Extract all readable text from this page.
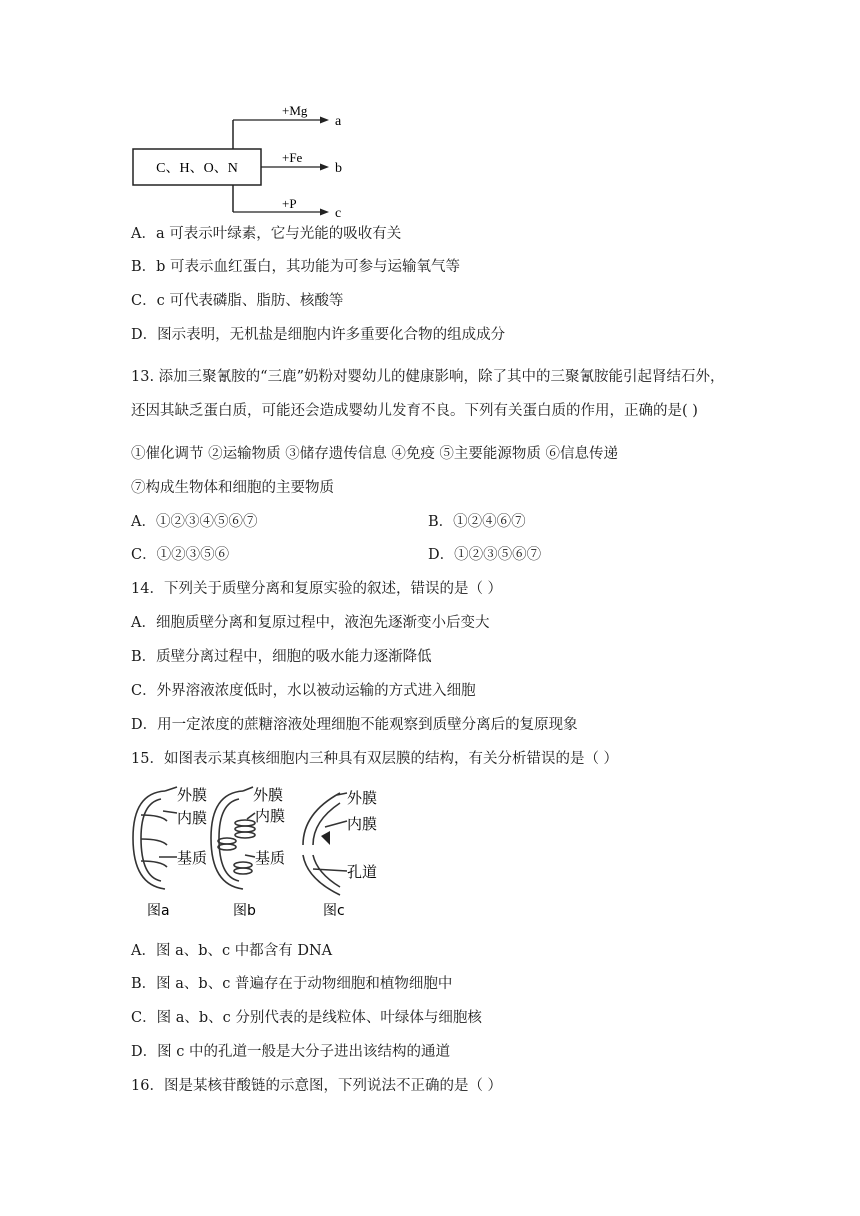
C、H、O、N
+Mg
a
+Fe
b
+P
c
A．a 可表示叶绿素，它与光能的吸收有关
B．b 可表示血红蛋白，其功能为可参与运输氧气等
C．c 可代表磷脂、脂肪、核酸等
D．图示表明，无机盐是细胞内许多重要化合物的组成成分
13. 添加三聚氰胺的“三鹿”奶粉对婴幼儿的健康影响，除了其中的三聚氰胺能引起肾结石外，
还因其缺乏蛋白质，可能还会造成婴幼儿发育不良。下列有关蛋白质的作用，正确的是( )
①催化调节 ②运输物质 ③储存遗传信息 ④免疫 ⑤主要能源物质 ⑥信息传递
⑦构成生物体和细胞的主要物质
A．①②③④⑤⑥⑦	B．①②④⑥⑦
C．①②③⑤⑥	D．①②③⑤⑥⑦
14．下列关于质壁分离和复原实验的叙述，错误的是（ ）
A．细胞质壁分离和复原过程中，液泡先逐渐变小后变大
B．质壁分离过程中，细胞的吸水能力逐渐降低
C．外界溶液浓度低时，水以被动运输的方式进入细胞
D．用一定浓度的蔗糖溶液处理细胞不能观察到质壁分离后的复原现象
15．如图表示某真核细胞内三种具有双层膜的结构，有关分析错误的是（ ）
外膜
内膜
基质
图a
外膜
内膜
基质
图b
外膜
内膜
孔道
图c
A．图 a、b、c 中都含有 DNA
B．图 a、b、c 普遍存在于动物细胞和植物细胞中
C．图 a、b、c 分别代表的是线粒体、叶绿体与细胞核
D．图 c 中的孔道一般是大分子进出该结构的通道
16．图是某核苷酸链的示意图，下列说法不正确的是（ ）
